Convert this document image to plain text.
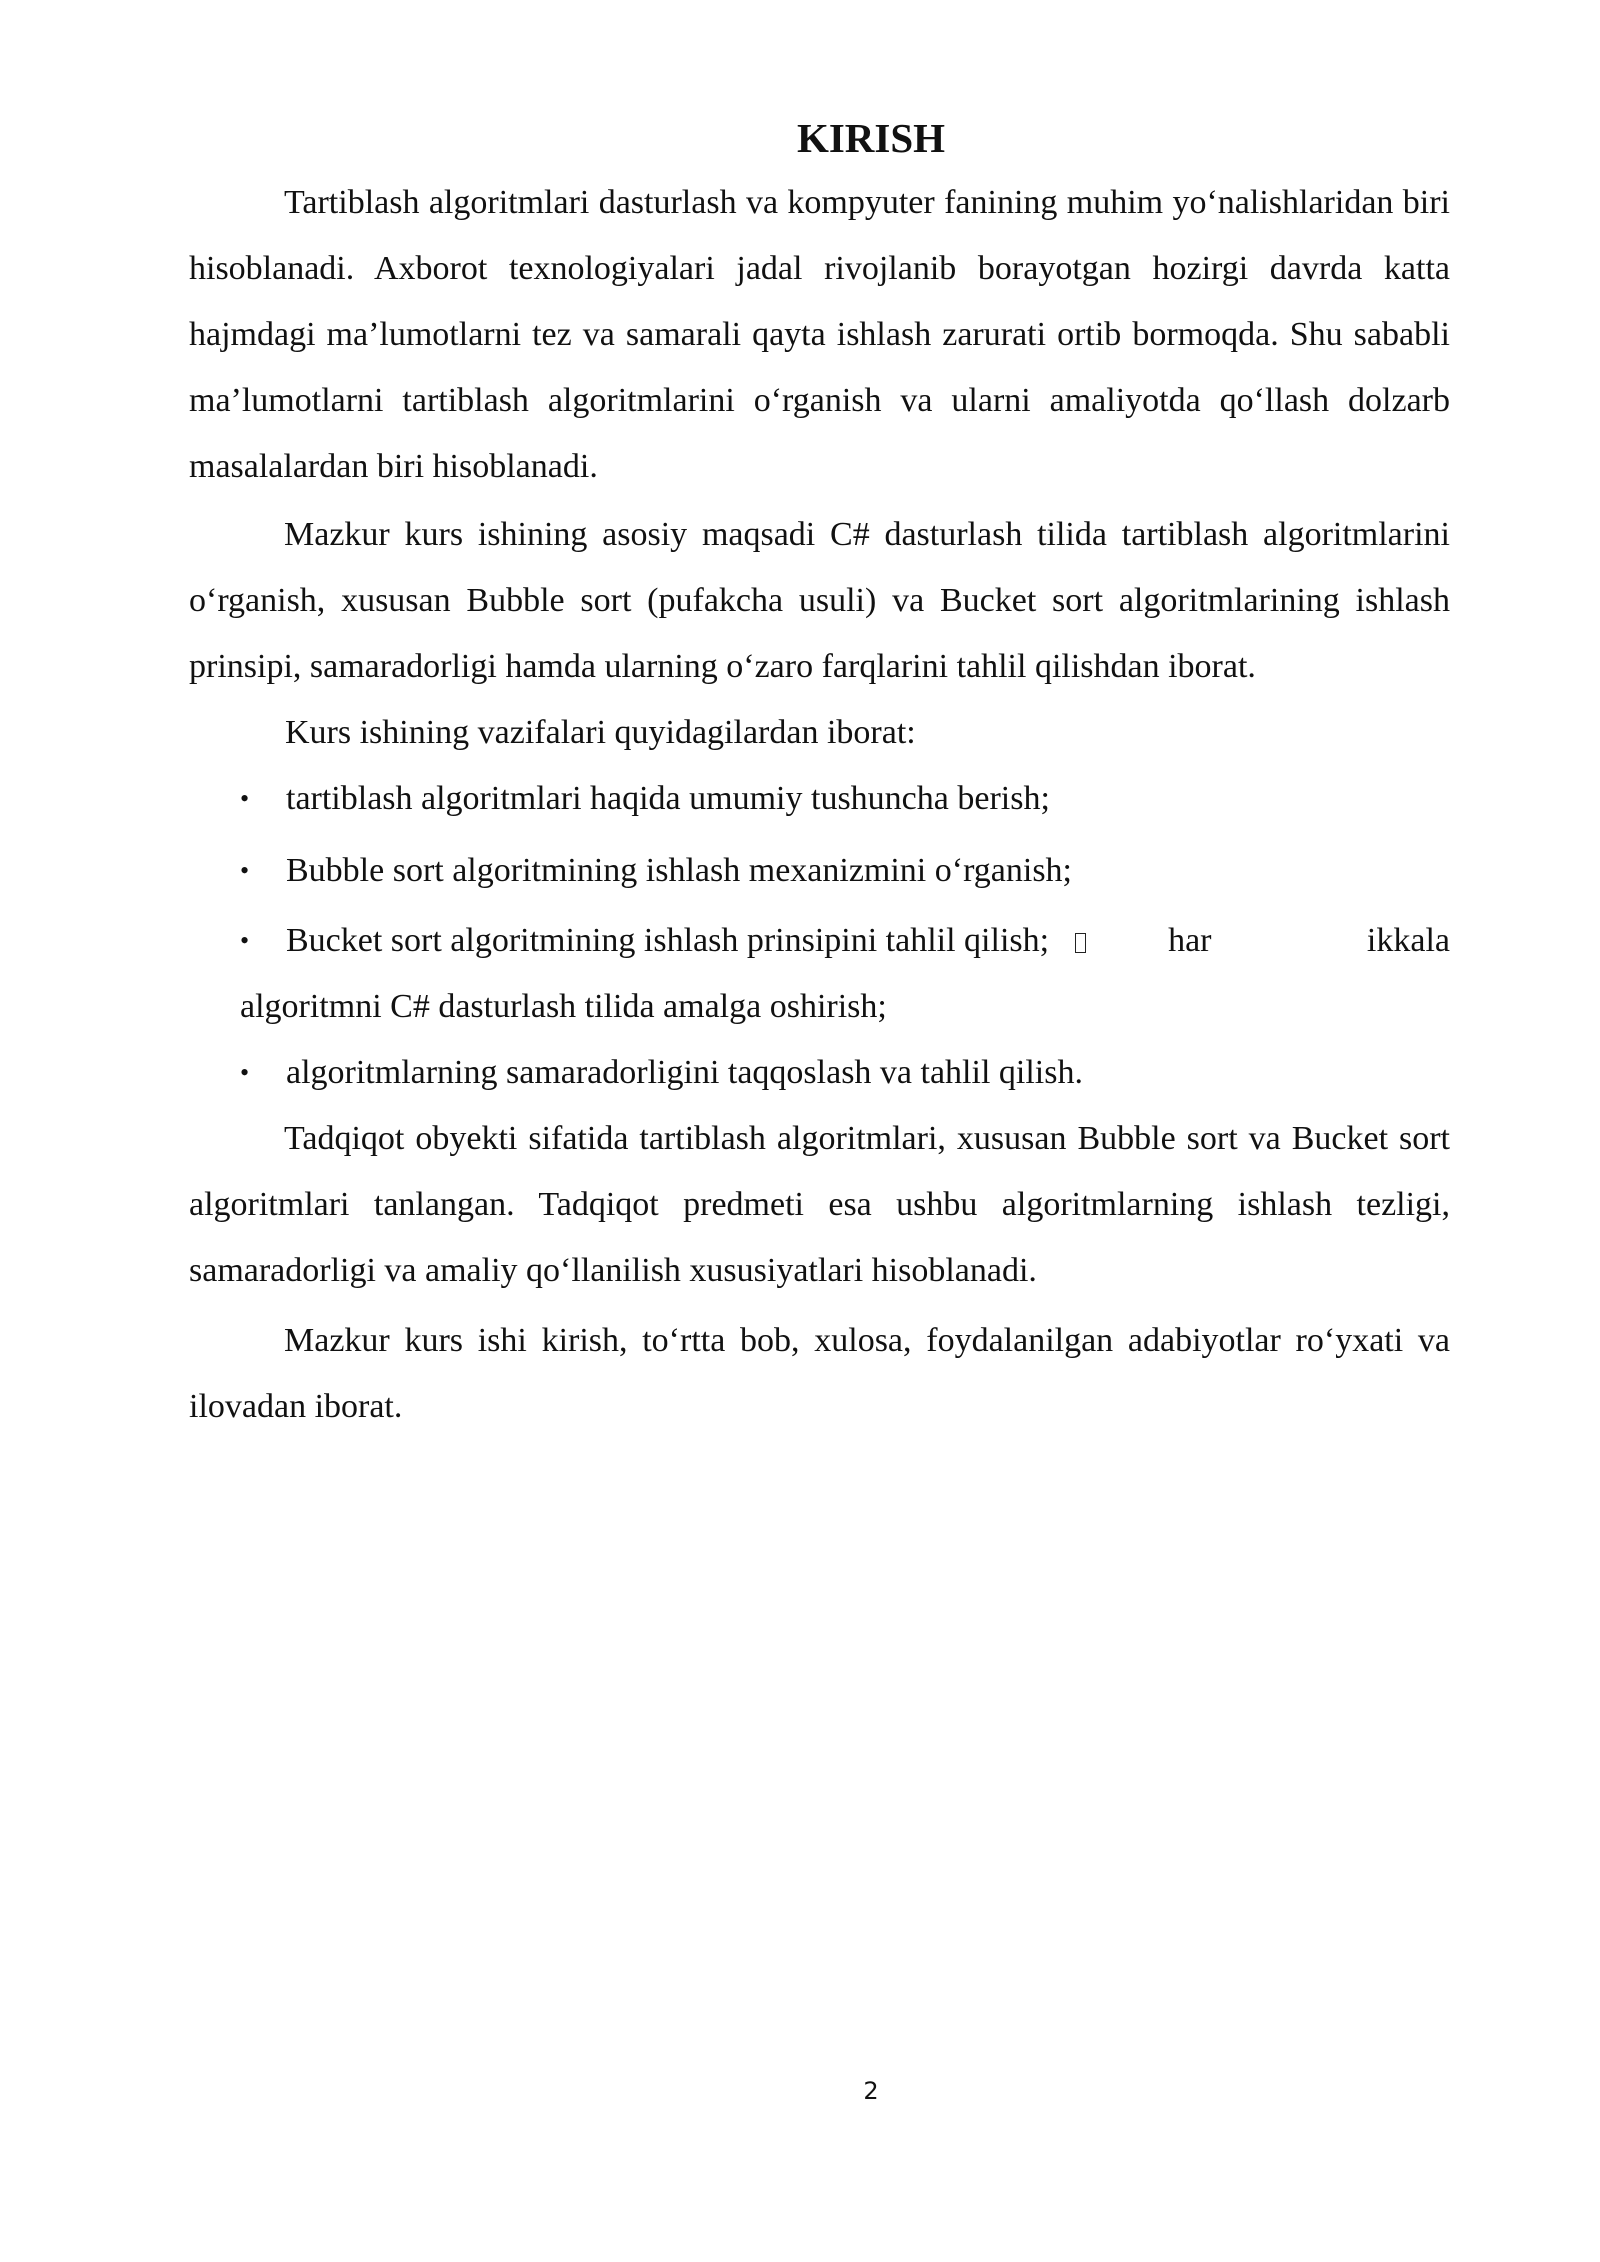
KIRISH

Tartiblash algoritmlari dasturlash va kompyuter fanining muhim yo‘nalishlaridan biri hisoblanadi. Axborot texnologiyalari jadal rivojlanib borayotgan hozirgi davrda katta hajmdagi ma’lumotlarni tez va samarali qayta ishlash zarurati ortib bormoqda. Shu sababli ma’lumotlarni tartiblash algoritmlarini o‘rganish va ularni amaliyotda qo‘llash dolzarb masalalardan biri hisoblanadi.

Mazkur kurs ishining asosiy maqsadi C# dasturlash tilida tartiblash algoritmlarini o‘rganish, xususan Bubble sort (pufakcha usuli) va Bucket sort algoritmlarining ishlash prinsipi, samaradorligi hamda ularning o‘zaro farqlarini tahlil qilishdan iborat.

Kurs ishining vazifalari quyidagilardan iborat:

• tartiblash algoritmlari haqida umumiy tushuncha berish;
• Bubble sort algoritmining ishlash mexanizmini o‘rganish;
• Bucket sort algoritmining ishlash prinsipini tahlil qilish;	har	ikkala
algoritmni C# dasturlash tilida amalga oshirish;
• algoritmlarning samaradorligini taqqoslash va tahlil qilish.

Tadqiqot obyekti sifatida tartiblash algoritmlari, xususan Bubble sort va Bucket sort algoritmlari tanlangan. Tadqiqot predmeti esa ushbu algoritmlarning ishlash tezligi, samaradorligi va amaliy qo‘llanilish xususiyatlari hisoblanadi.

Mazkur kurs ishi kirish, to‘rtta bob, xulosa, foydalanilgan adabiyotlar ro‘yxati va ilovadan iborat.

2
